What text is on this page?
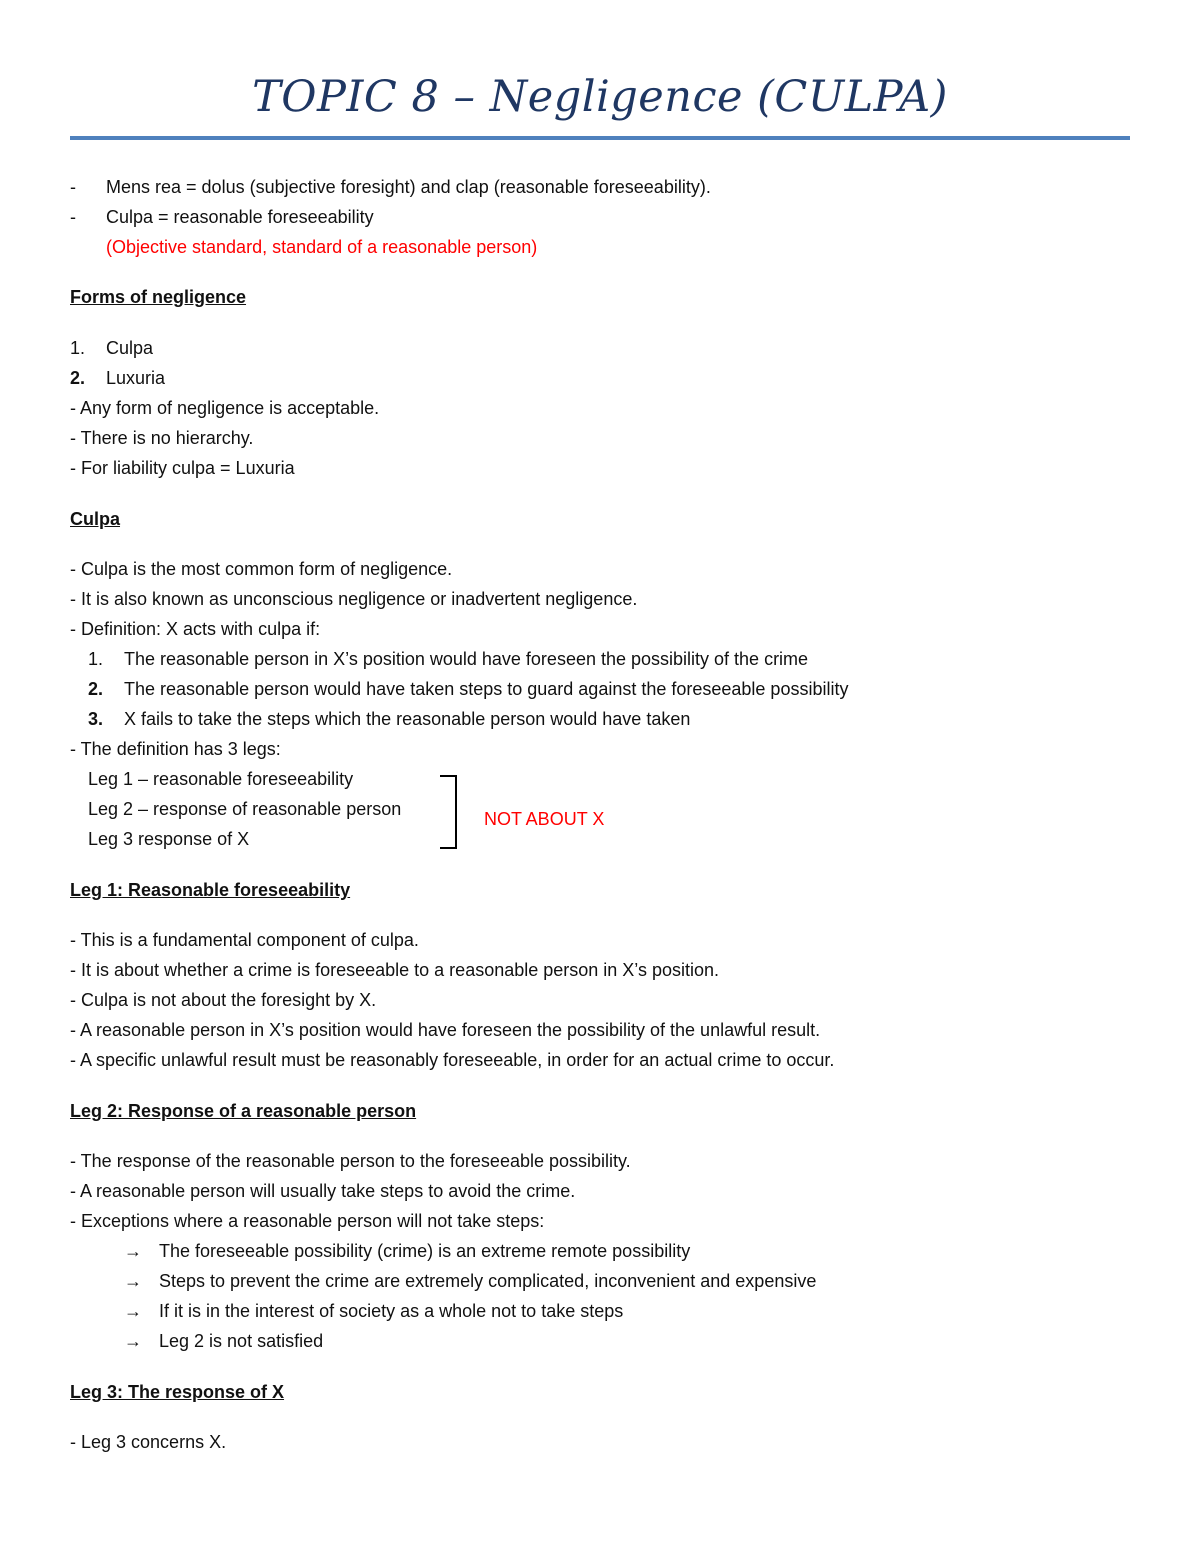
TOPIC 8 – Negligence (CULPA)
- Mens rea = dolus (subjective foresight) and clap (reasonable foreseeability).
- Culpa = reasonable foreseeability
(Objective standard, standard of a reasonable person)
Forms of negligence
1. Culpa
2. Luxuria
- Any form of negligence is acceptable.
- There is no hierarchy.
- For liability culpa = Luxuria
Culpa
- Culpa is the most common form of negligence.
- It is also known as unconscious negligence or inadvertent negligence.
- Definition: X acts with culpa if:
1. The reasonable person in X’s position would have foreseen the possibility of the crime
2. The reasonable person would have taken steps to guard against the foreseeable possibility
3. X fails to take the steps which the reasonable person would have taken
- The definition has 3 legs:
Leg 1 – reasonable foreseeability
Leg 2 – response of reasonable person
Leg 3 response of X
NOT ABOUT X
Leg 1: Reasonable foreseeability
- This is a fundamental component of culpa.
- It is about whether a crime is foreseeable to a reasonable person in X’s position.
- Culpa is not about the foresight by X.
- A reasonable person in X’s position would have foreseen the possibility of the unlawful result.
- A specific unlawful result must be reasonably foreseeable, in order for an actual crime to occur.
Leg 2: Response of a reasonable person
- The response of the reasonable person to the foreseeable possibility.
- A reasonable person will usually take steps to avoid the crime.
- Exceptions where a reasonable person will not take steps:
→ The foreseeable possibility (crime) is an extreme remote possibility
→ Steps to prevent the crime are extremely complicated, inconvenient and expensive
→ If it is in the interest of society as a whole not to take steps
→ Leg 2 is not satisfied
Leg 3: The response of X
- Leg 3 concerns X.
